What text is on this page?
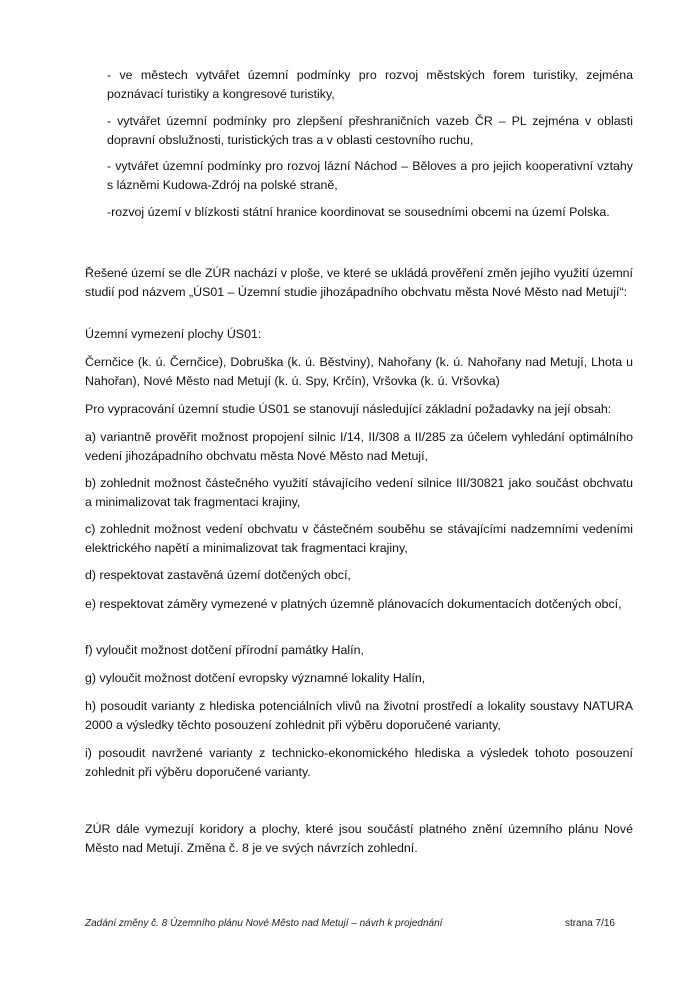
- ve městech vytvářet územní podmínky pro rozvoj městských forem turistiky, zejména poznávací turistiky a kongresové turistiky,

- vytvářet územní podmínky pro zlepšení přeshraničních vazeb ČR – PL zejména v oblasti dopravní obslužnosti, turistických tras a v oblasti cestovního ruchu,

- vytvářet územní podmínky pro rozvoj lázní Náchod – Běloves a pro jejich kooperativní vztahy s lázněmi Kudowa-Zdrój na polské straně,

-rozvoj území v blízkosti státní hranice koordinovat se sousedními obcemi na území Polska.

Řešené území se dle ZÚR nachází v ploše, ve které se ukládá prověření změn jejího využití územní studií pod názvem „ÚS01 – Územní studie jihozápadního obchvatu města Nové Město nad Metují“:

Územní vymezení plochy ÚS01:

Černčice (k. ú. Černčice), Dobruška (k. ú. Běstviny), Nahořany (k. ú. Nahořany nad Metují, Lhota u Nahořan), Nové Město nad Metují (k. ú. Spy, Krčín), Vršovka (k. ú. Vršovka)

Pro vypracování územní studie ÚS01 se stanovují následující základní požadavky na její obsah:

a) variantně prověřit možnost propojení silnic I/14, II/308 a II/285 za účelem vyhledání optimálního vedení jihozápadního obchvatu města Nové Město nad Metují,

b) zohlednit možnost částečného využití stávajícího vedení silnice III/30821 jako součást obchvatu a minimalizovat tak fragmentaci krajiny,

c) zohlednit možnost vedení obchvatu v částečném souběhu se stávajícími nadzemními vedeními elektrického napětí a minimalizovat tak fragmentaci krajiny,

d) respektovat zastavěná území dotčených obcí,

e) respektovat záměry vymezené v platných územně plánovacích dokumentacích dotčených obcí,

f) vyloučit možnost dotčení přírodní památky Halín,

g) vyloučit možnost dotčení evropsky významné lokality Halín,

h) posoudit varianty z hlediska potenciálních vlivů na životní prostředí a lokality soustavy NATURA 2000 a výsledky těchto posouzení zohlednit při výběru doporučené varianty,

i) posoudit navržené varianty z technicko-ekonomického hlediska a výsledek tohoto posouzení zohlednit při výběru doporučené varianty.

ZÚR dále vymezují koridory a plochy, které jsou součástí platného znění územního plánu Nové Město nad Metují. Změna č. 8 je ve svých návrzích zohlední.

Zadání změny č. 8 Územního plánu Nové Město nad Metují – návrh k projednání	strana 7/16
